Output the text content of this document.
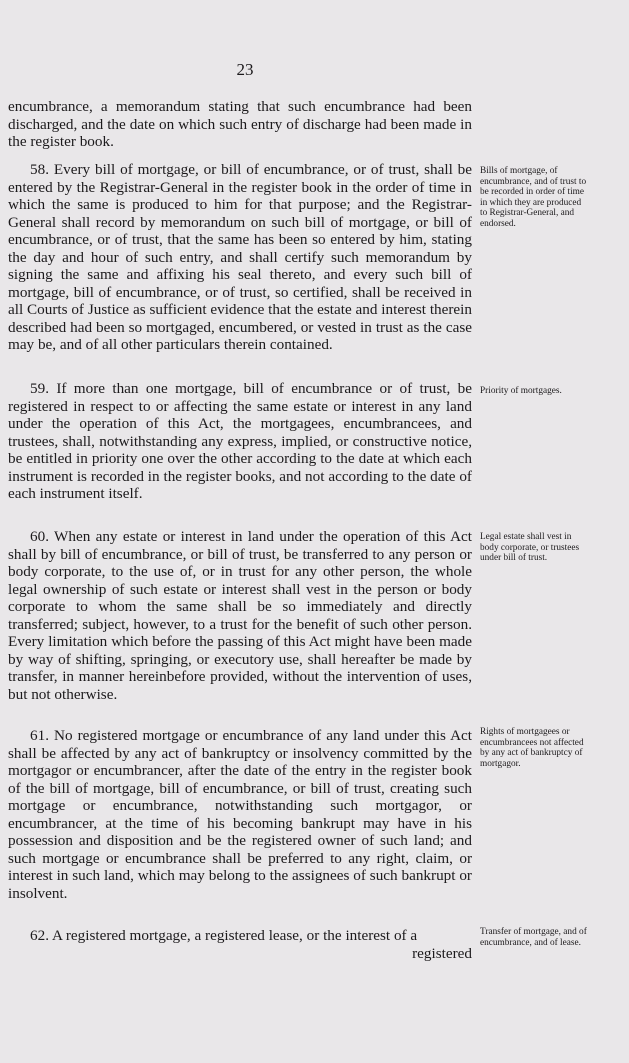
23

encumbrance, a memorandum stating that such encumbrance had been discharged, and the date on which such entry of discharge had been made in the register book.

58. Every bill of mortgage, or bill of encumbrance, or of trust, shall be entered by the Registrar-General in the register book in the order of time in which the same is produced to him for that purpose; and the Registrar-General shall record by memorandum on such bill of mortgage, or bill of encumbrance, or of trust, that the same has been so entered by him, stating the day and hour of such entry, and shall certify such memorandum by signing the same and affixing his seal thereto, and every such bill of mortgage, bill of encumbrance, or of trust, so certified, shall be received in all Courts of Justice as sufficient evidence that the estate and interest therein described had been so mortgaged, encumbered, or vested in trust as the case may be, and of all other particulars therein contained.

Bills of mortgage, of encumbrance, and of trust to be recorded in order of time in which they are produced to Registrar-General, and endorsed.

59. If more than one mortgage, bill of encumbrance or of trust, be registered in respect to or affecting the same estate or interest in any land under the operation of this Act, the mortgagees, encumbrancees, and trustees, shall, notwithstanding any express, implied, or constructive notice, be entitled in priority one over the other according to the date at which each instrument is recorded in the register books, and not according to the date of each instrument itself.

Priority of mortgages.

60. When any estate or interest in land under the operation of this Act shall by bill of encumbrance, or bill of trust, be transferred to any person or body corporate, to the use of, or in trust for any other person, the whole legal ownership of such estate or interest shall vest in the person or body corporate to whom the same shall be so immediately and directly transferred; subject, however, to a trust for the benefit of such other person. Every limitation which before the passing of this Act might have been made by way of shifting, springing, or executory use, shall hereafter be made by transfer, in manner hereinbefore provided, without the intervention of uses, but not otherwise.

Legal estate shall vest in body corporate, or trustees under bill of trust.

61. No registered mortgage or encumbrance of any land under this Act shall be affected by any act of bankruptcy or insolvency committed by the mortgagor or encumbrancer, after the date of the entry in the register book of the bill of mortgage, bill of encumbrance, or bill of trust, creating such mortgage or encumbrance, notwithstanding such mortgagor, or encumbrancer, at the time of his becoming bankrupt may have in his possession and disposition and be the registered owner of such land; and such mortgage or encumbrance shall be preferred to any right, claim, or interest in such land, which may belong to the assignees of such bankrupt or insolvent.

Rights of mortgagees or encumbrancees not affected by any act of bankruptcy of mortgagor.

62. A registered mortgage, a registered lease, or the interest of a

registered

Transfer of mortgage, and of encumbrance, and of lease.
